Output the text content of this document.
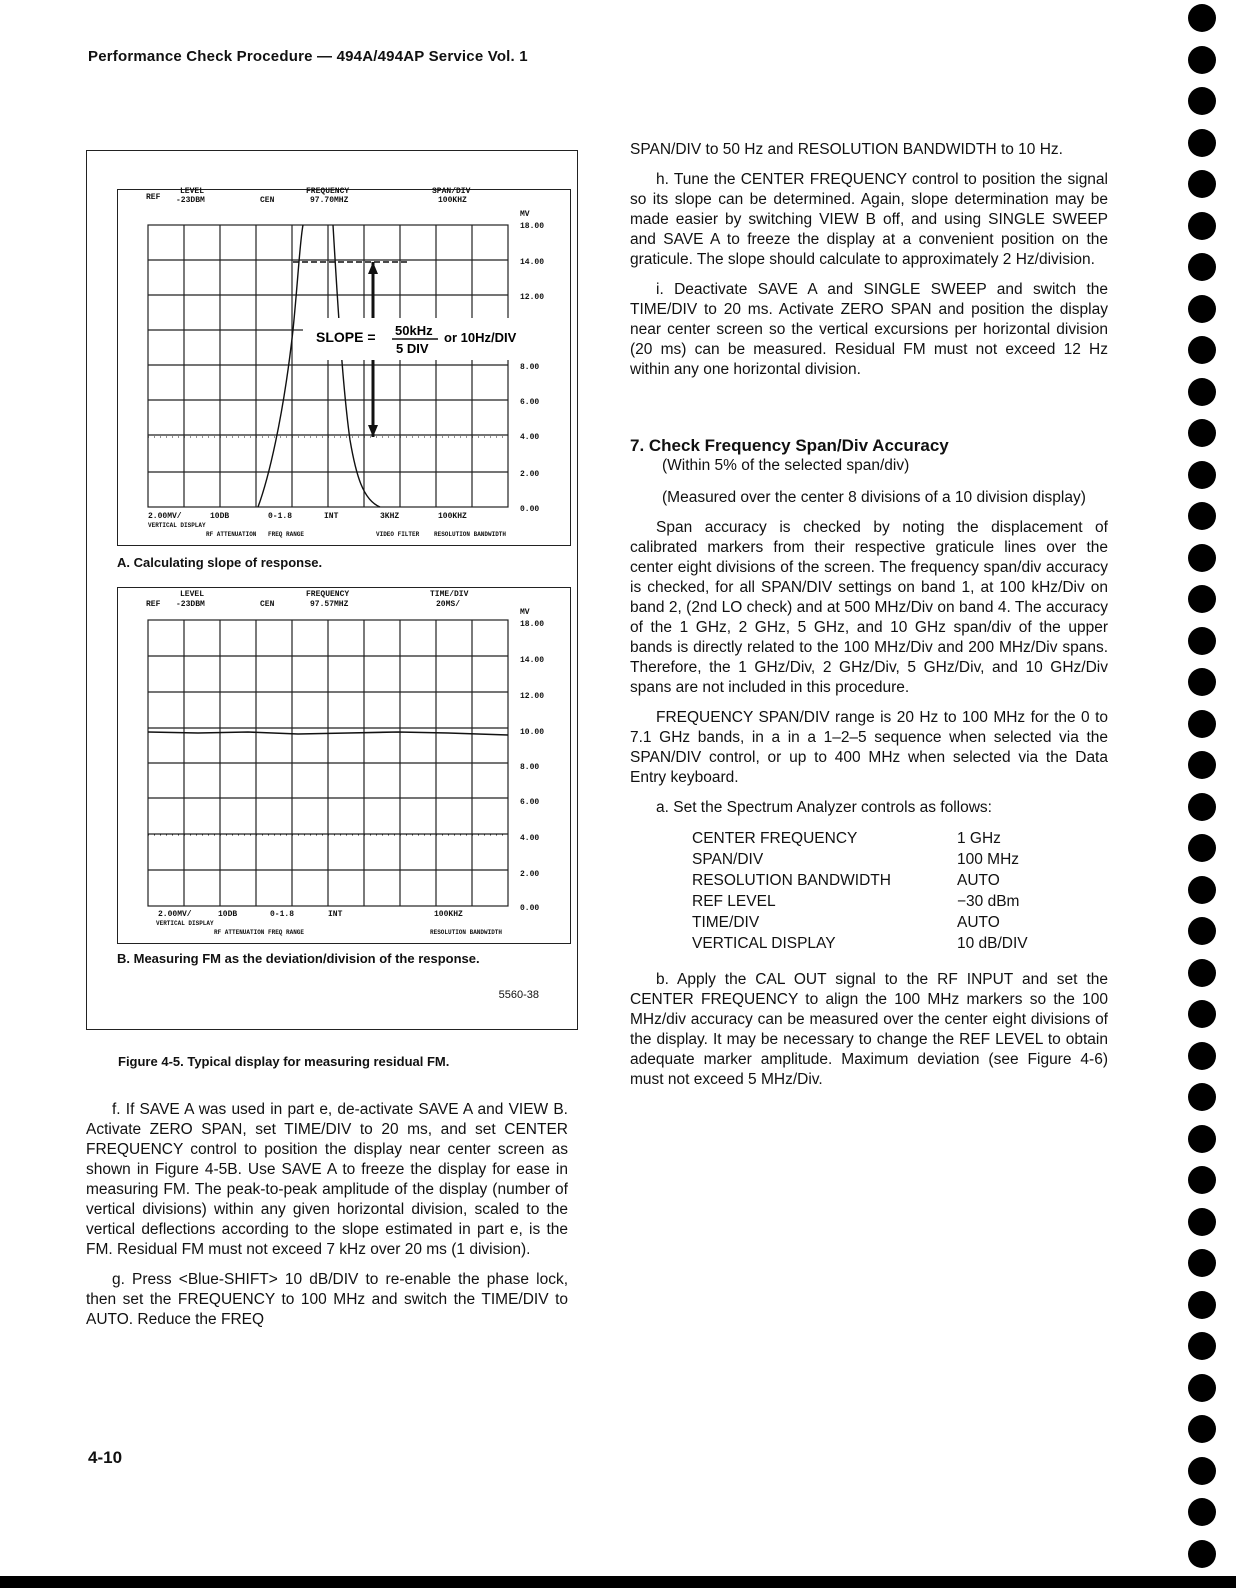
Performance Check Procedure — 494A/494AP Service Vol. 1
REF
LEVEL
-23DBM	CEN
FREQUENCY
97.70MHZ
SPAN/DIV
100KHZ
SLOPE = 50kHz
5 DIV
or 10Hz/DIV
MV
18.00
14.00
12.00
8.00
6.00
4.00
2.00
0.00
2.00MV/
VERTICAL DISPLAY
10DB
RF ATTENUATION
0-1.8
FREQ RANGE
INT	3KHZ
VIDEO FILTER
100KHZ
RESOLUTION BANDWIDTH
A. Calculating slope of response.
REF
LEVEL
-23DBM	CEN
FREQUENCY
97.57MHZ
TIME/DIV
20MS/
MV
18.00
14.00
12.00
10.00
8.00
6.00
4.00
2.00
0.00
2.00MV/
VERTICAL DISPLAY
10DB
RF ATTENUATION
0-1.8
FREQ RANGE
INT	100KHZ
RESOLUTION BANDWIDTH
B. Measuring FM as the deviation/division of the response.
5560-38
Figure 4-5. Typical display for measuring residual FM.

f. If SAVE A was used in part e, de-activate SAVE A and VIEW B. Activate ZERO SPAN, set TIME/DIV to 20 ms, and set CENTER FREQUENCY control to position the display near center screen as shown in Figure 4-5B. Use SAVE A to freeze the display for ease in measuring FM. The peak-to-peak amplitude of the display (number of vertical divisions) within any given horizontal division, scaled to the vertical deflections according to the slope estimated in part e, is the FM. Residual FM must not exceed 7 kHz over 20 ms (1 division).

g. Press <Blue-SHIFT> 10 dB/DIV to re-enable the phase lock, then set the FREQUENCY to 100 MHz and switch the TIME/DIV to AUTO. Reduce the FREQ

SPAN/DIV to 50 Hz and RESOLUTION BANDWIDTH to 10 Hz.

h. Tune the CENTER FREQUENCY control to position the signal so its slope can be determined. Again, slope determination may be made easier by switching VIEW B off, and using SINGLE SWEEP and SAVE A to freeze the display at a convenient position on the graticule. The slope should calculate to approximately 2 Hz/division.

i. Deactivate SAVE A and SINGLE SWEEP and switch the TIME/DIV to 20 ms. Activate ZERO SPAN and position the display near center screen so the vertical excursions per horizontal division (20 ms) can be measured. Residual FM must not exceed 12 Hz within any one horizontal division.

7. Check Frequency Span/Div Accuracy

(Within 5% of the selected span/div)

(Measured over the center 8 divisions of a 10 division display)

Span accuracy is checked by noting the displacement of calibrated markers from their respective graticule lines over the center eight divisions of the screen. The frequency span/div accuracy is checked, for all SPAN/DIV settings on band 1, at 100 kHz/Div on band 2, (2nd LO check) and at 500 MHz/Div on band 4. The accuracy of the 1 GHz, 2 GHz, 5 GHz, and 10 GHz span/div of the upper bands is directly related to the 100 MHz/Div and 200 MHz/Div spans. Therefore, the 1 GHz/Div, 2 GHz/Div, 5 GHz/Div, and 10 GHz/Div spans are not included in this procedure.

FREQUENCY SPAN/DIV range is 20 Hz to 100 MHz for the 0 to 7.1 GHz bands, in a in a 1–2–5 sequence when selected via the SPAN/DIV control, or up to 400 MHz when selected via the Data Entry keyboard.

a. Set the Spectrum Analyzer controls as follows:

CENTER FREQUENCY	1 GHz
SPAN/DIV	100 MHz
RESOLUTION BANDWIDTH	AUTO
REF LEVEL	−30 dBm
TIME/DIV	AUTO
VERTICAL DISPLAY	10 dB/DIV

b. Apply the CAL OUT signal to the RF INPUT and set the CENTER FREQUENCY to align the 100 MHz markers so the 100 MHz/div accuracy can be measured over the center eight divisions of the display. It may be necessary to change the REF LEVEL to obtain adequate marker amplitude. Maximum deviation (see Figure 4-6) must not exceed 5 MHz/Div.

4-10
